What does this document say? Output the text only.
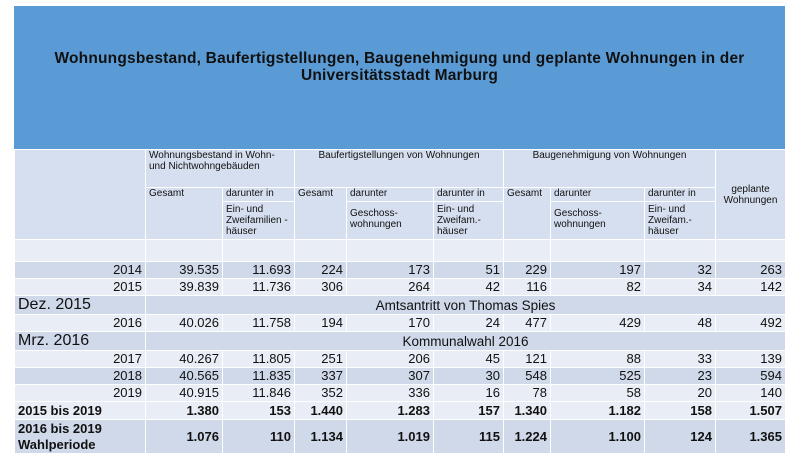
Wohnungsbestand, Baufertigstellungen, Baugenehmigung und geplante Wohnungen in der Universitätsstadt Marburg
	Wohnungsbestand in Wohn- und Nichtwohngebäuden		Baufertigstellungen von Wohnungen			Baugenehmigung von Wohnungen			geplante Wohnungen
	Gesamt	darunter in	Gesamt	darunter	darunter in	Gesamt	darunter	darunter in	
		Ein- und Zweifamilien -häuser		Geschoss- wohnungen	Ein- und Zweifam.- häuser		Geschoss- wohnungen	Ein- und Zweifam.- häuser	

2014	39.535	11.693	224	173	51	229	197	32	263
2015	39.839	11.736	306	264	42	116	82	34	142
Dez. 2015	Amtsantritt von Thomas Spies								
2016	40.026	11.758	194	170	24	477	429	48	492
Mrz. 2016	Kommunalwahl 2016								
2017	40.267	11.805	251	206	45	121	88	33	139
2018	40.565	11.835	337	307	30	548	525	23	594
2019	40.915	11.846	352	336	16	78	58	20	140
2015 bis 2019	1.380	153	1.440	1.283	157	1.340	1.182	158	1.507
2016 bis 2019 Wahlperiode	1.076	110	1.134	1.019	115	1.224	1.100	124	1.365
